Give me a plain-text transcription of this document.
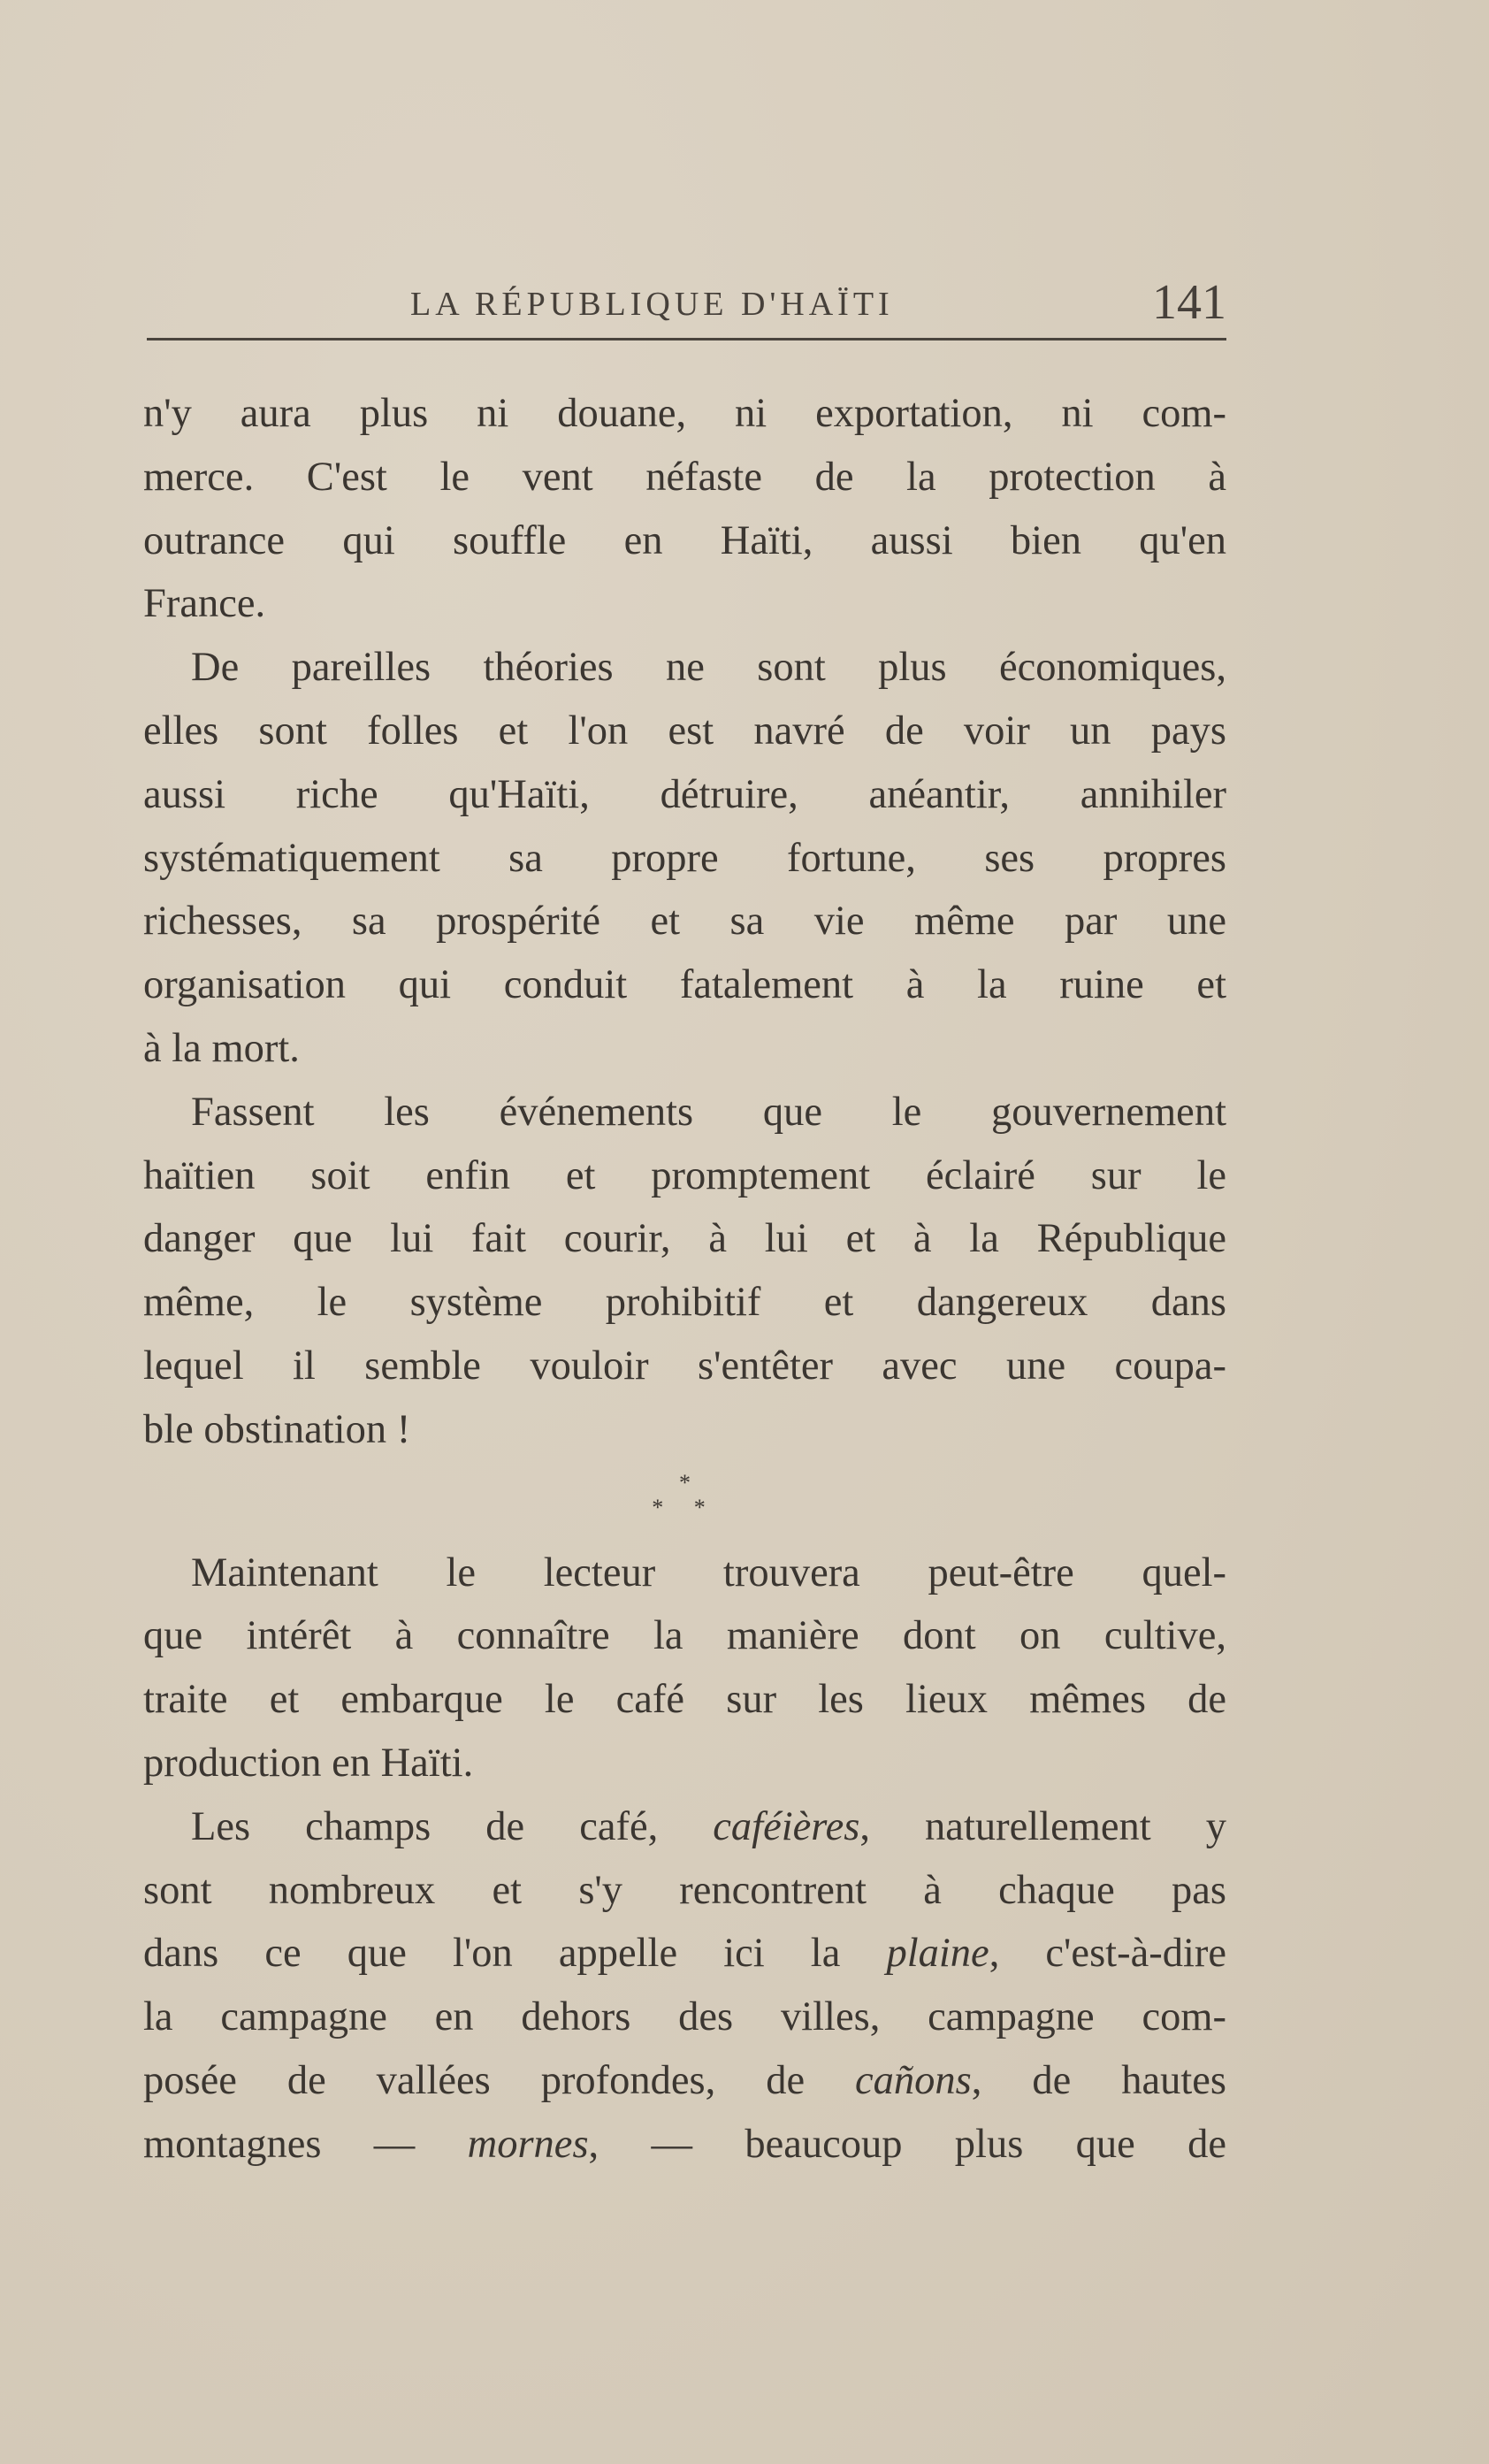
LA RÉPUBLIQUE D'HAÏTI	141
n'y aura plus ni douane, ni exportation, ni com-
merce. C'est le vent néfaste de la protection à
outrance qui souffle en Haïti, aussi bien qu'en
France.
De pareilles théories ne sont plus économiques,
elles sont folles et l'on est navré de voir un pays
aussi riche qu'Haïti, détruire, anéantir, annihiler
systématiquement sa propre fortune, ses propres
richesses, sa prospérité et sa vie même par une
organisation qui conduit fatalement à la ruine et
à la mort.
Fassent les événements que le gouvernement
haïtien soit enfin et promptement éclairé sur le
danger que lui fait courir, à lui et à la République
même, le système prohibitif et dangereux dans
lequel il semble vouloir s'entêter avec une coupa-
ble obstination !
*
* *
Maintenant le lecteur trouvera peut-être quel-
que intérêt à connaître la manière dont on cultive,
traite et embarque le café sur les lieux mêmes de
production en Haïti.
Les champs de café, caféières, naturellement y
sont nombreux et s'y rencontrent à chaque pas
dans ce que l'on appelle ici la plaine, c'est-à-dire
la campagne en dehors des villes, campagne com-
posée de vallées profondes, de cañons, de hautes
montagnes — mornes, — beaucoup plus que de
